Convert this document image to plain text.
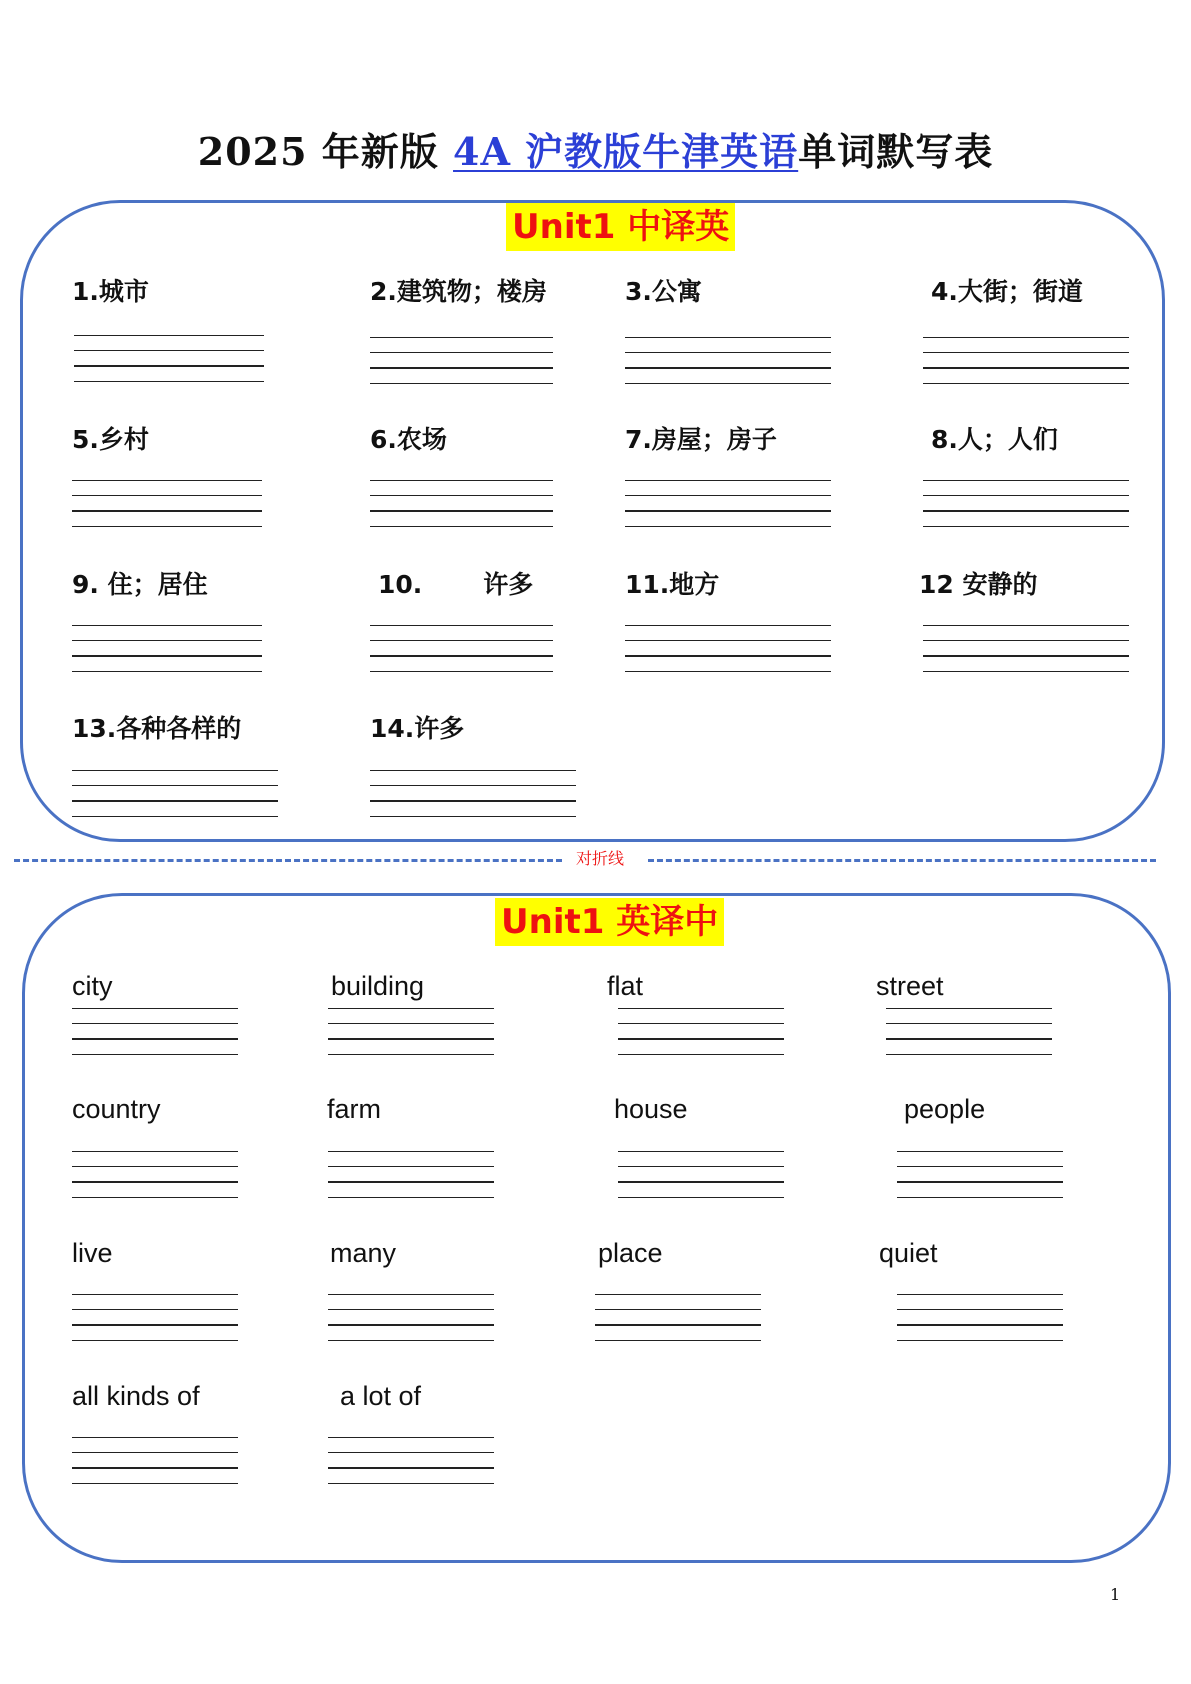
2025 年新版 4A 沪教版牛津英语单词默写表
Unit1 中译英
1.城市	2.建筑物；楼房	3.公寓	4.大街；街道
5.乡村	6.农场	7.房屋；房子	8.人；人们
9. 住；居住	10.       许多	11.地方	12 安静的
13.各种各样的	14.许多
对折线
Unit1 英译中
city	building	flat	street
country	farm	house	people
live	many	place	quiet
all kinds of	a lot of
1
